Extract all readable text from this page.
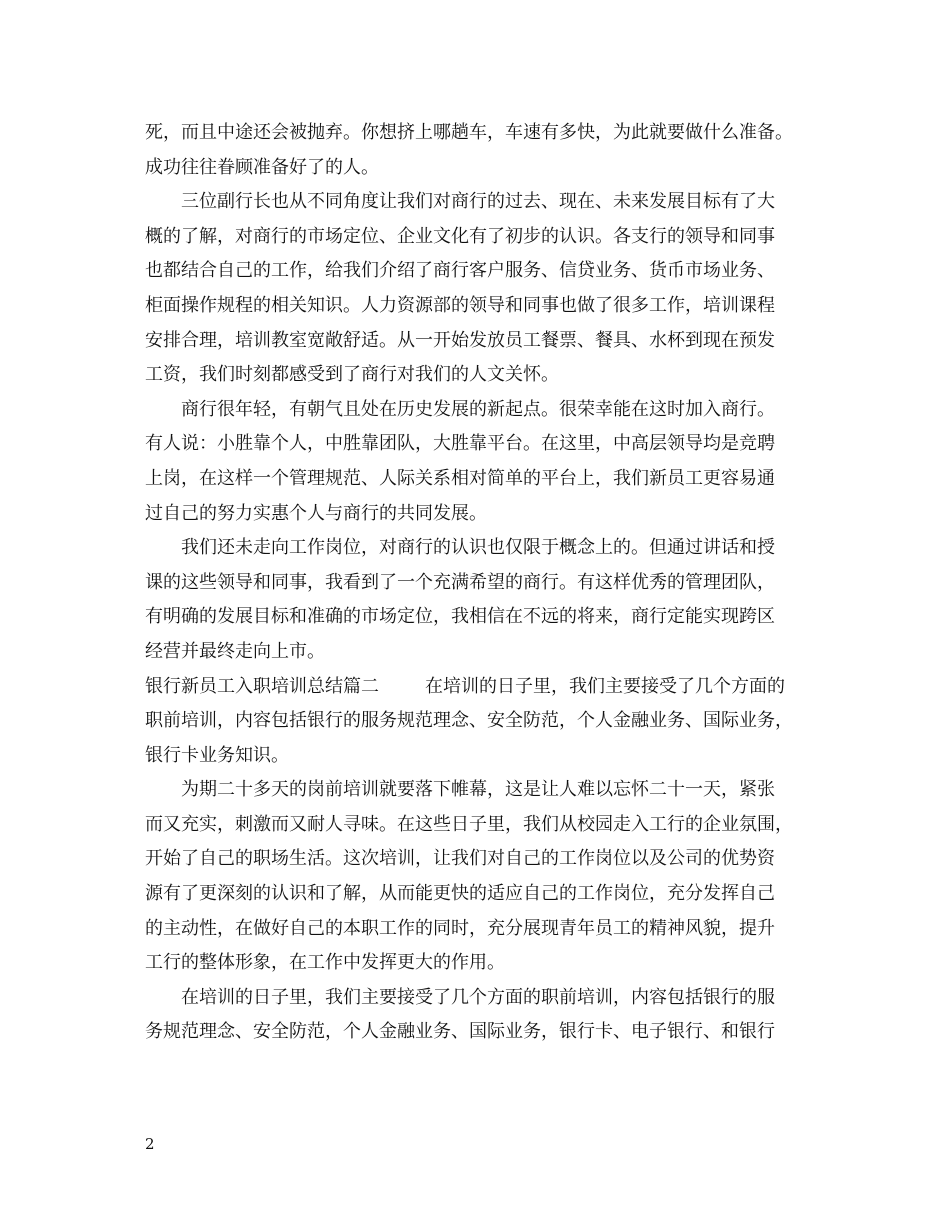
死，而且中途还会被抛弃。你想挤上哪趟车，车速有多快，为此就要做什么准备。
成功往往眷顾准备好了的人。
三位副行长也从不同角度让我们对商行的过去、现在、未来发展目标有了大
概的了解，对商行的市场定位、企业文化有了初步的认识。各支行的领导和同事
也都结合自己的工作，给我们介绍了商行客户服务、信贷业务、货币市场业务、
柜面操作规程的相关知识。人力资源部的领导和同事也做了很多工作，培训课程
安排合理，培训教室宽敞舒适。从一开始发放员工餐票、餐具、水杯到现在预发
工资，我们时刻都感受到了商行对我们的人文关怀。
商行很年轻，有朝气且处在历史发展的新起点。很荣幸能在这时加入商行。
有人说：小胜靠个人，中胜靠团队，大胜靠平台。在这里，中高层领导均是竞聘
上岗，在这样一个管理规范、人际关系相对简单的平台上，我们新员工更容易通
过自己的努力实惠个人与商行的共同发展。
我们还未走向工作岗位，对商行的认识也仅限于概念上的。但通过讲话和授
课的这些领导和同事，我看到了一个充满希望的商行。有这样优秀的管理团队，
有明确的发展目标和准确的市场定位，我相信在不远的将来，商行定能实现跨区
经营并最终走向上市。
银行新员工入职培训总结篇二	在培训的日子里，我们主要接受了几个方面的
职前培训，内容包括银行的服务规范理念、安全防范，个人金融业务、国际业务，
银行卡业务知识。
为期二十多天的岗前培训就要落下帷幕，这是让人难以忘怀二十一天，紧张
而又充实，刺激而又耐人寻味。在这些日子里，我们从校园走入工行的企业氛围，
开始了自己的职场生活。这次培训，让我们对自己的工作岗位以及公司的优势资
源有了更深刻的认识和了解，从而能更快的适应自己的工作岗位，充分发挥自己
的主动性，在做好自己的本职工作的同时，充分展现青年员工的精神风貌，提升
工行的整体形象，在工作中发挥更大的作用。
在培训的日子里，我们主要接受了几个方面的职前培训，内容包括银行的服
务规范理念、安全防范，个人金融业务、国际业务，银行卡、电子银行、和银行
2
